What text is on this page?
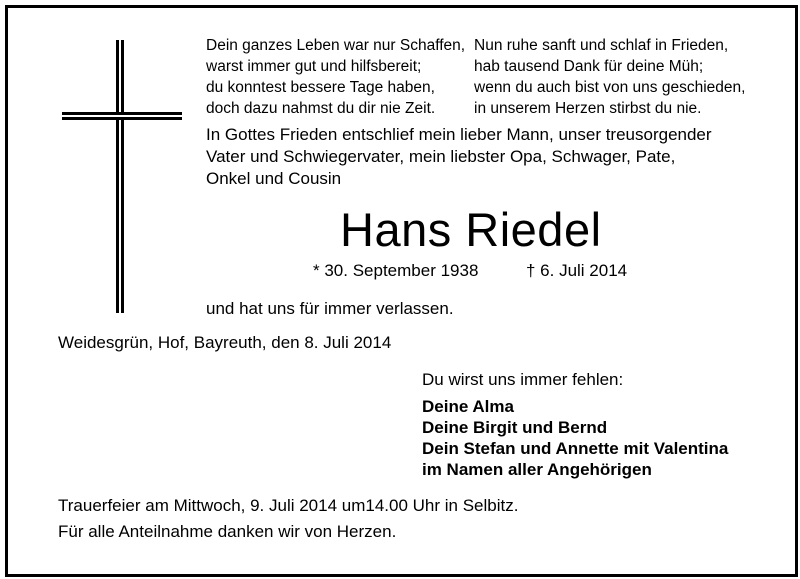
Dein ganzes Leben war nur Schaffen,
warst immer gut und hilfsbereit;
du konntest bessere Tage haben,
doch dazu nahmst du dir nie Zeit.
Nun ruhe sanft und schlaf in Frieden,
hab tausend Dank für deine Müh;
wenn du auch bist von uns geschieden,
in unserem Herzen stirbst du nie.
In Gottes Frieden entschlief mein lieber Mann, unser treusorgender
Vater und Schwiegervater, mein liebster Opa, Schwager, Pate,
Onkel und Cousin
Hans Riedel
* 30. September 1938	† 6. Juli 2014
und hat uns für immer verlassen.
Weidesgrün, Hof, Bayreuth, den 8. Juli 2014
Du wirst uns immer fehlen:
Deine Alma
Deine Birgit und Bernd
Dein Stefan und Annette mit Valentina
im Namen aller Angehörigen
Trauerfeier am Mittwoch, 9. Juli 2014 um14.00 Uhr in Selbitz.
Für alle Anteilnahme danken wir von Herzen.
